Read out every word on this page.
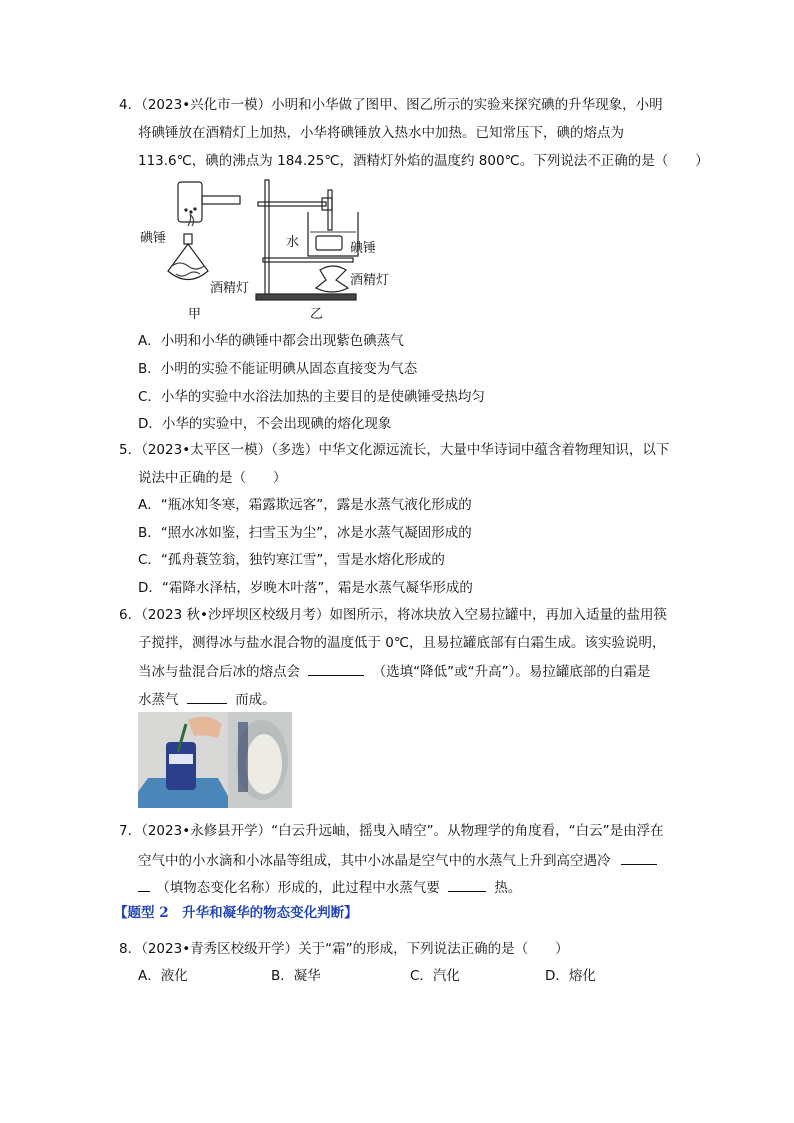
4．（2023•兴化市一模）小明和小华做了图甲、图乙所示的实验来探究碘的升华现象，小明
将碘锤放在酒精灯上加热，小华将碘锤放入热水中加热。已知常压下，碘的熔点为
113.6℃，碘的沸点为 184.25℃，酒精灯外焰的温度约 800℃。下列说法不正确的是（　　）
碘锤
酒精灯
甲
水	碘锤
酒精灯
乙
A．小明和小华的碘锤中都会出现紫色碘蒸气
B．小明的实验不能证明碘从固态直接变为气态
C．小华的实验中水浴法加热的主要目的是使碘锤受热均匀
D．小华的实验中，不会出现碘的熔化现象
5．（2023•太平区一模）（多选）中华文化源远流长，大量中华诗词中蕴含着物理知识，以下
说法中正确的是（　　）
A．“瓶冰知冬寒，霜露欺远客”，露是水蒸气液化形成的
B．“照水冰如鉴，扫雪玉为尘”，冰是水蒸气凝固形成的
C．“孤舟蓑笠翁，独钓寒江雪”，雪是水熔化形成的
D．“霜降水泽枯，岁晚木叶落”，霜是水蒸气凝华形成的
6．（2023 秋•沙坪坝区校级月考）如图所示，将冰块放入空易拉罐中，再加入适量的盐用筷
子搅拌，测得冰与盐水混合物的温度低于 0℃，且易拉罐底部有白霜生成。该实验说明，
当冰与盐混合后冰的熔点会	（选填“降低”或“升高”）。易拉罐底部的白霜是
水蒸气	而成。
7．（2023•永修县开学）“白云升远岫，摇曳入晴空”。从物理学的角度看，“白云”是由浮在
空气中的小水滴和小冰晶等组成，其中小冰晶是空气中的水蒸气上升到高空遇冷
（填物态变化名称）形成的，此过程中水蒸气要	热。
【题型 2　升华和凝华的物态变化判断】
8．（2023•青秀区校级开学）关于“霜”的形成，下列说法正确的是（　　）
A．液化	B．凝华	C．汽化	D．熔化
